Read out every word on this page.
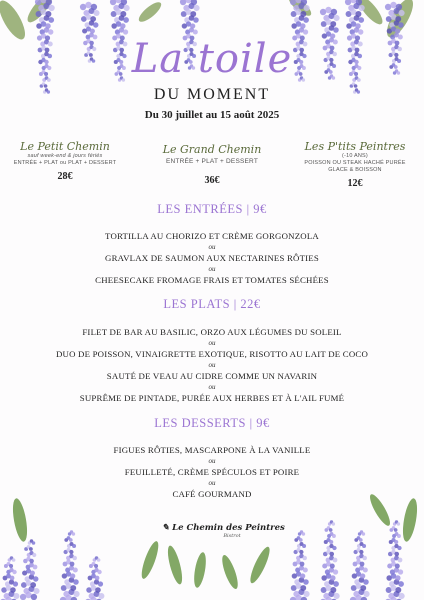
La toile
DU MOMENT
Du 30 juillet au 15 août 2025
Le Petit Chemin
sauf week-end & jours fériés
ENTRÉE + PLAT ou PLAT + DESSERT
28€
Le Grand Chemin
ENTRÉE + PLAT + DESSERT
36€
Les P'tits Peintres
(-10 ANS)
POISSON OU STEAK HACHÉ PURÉE
GLACE & BOISSON
12€
LES ENTRÉES | 9€
TORTILLA AU CHORIZO ET CRÈME GORGONZOLA
ou
GRAVLAX DE SAUMON AUX NECTARINES RÔTIES
ou
CHEESECAKE FROMAGE FRAIS ET TOMATES SÉCHÉES
LES PLATS | 22€
FILET DE BAR AU BASILIC, ORZO AUX LÉGUMES DU SOLEIL
ou
DUO DE POISSON, VINAIGRETTE EXOTIQUE, RISOTTO AU LAIT DE COCO
ou
SAUTÉ DE VEAU AU CIDRE COMME UN NAVARIN
ou
SUPRÊME DE PINTADE, PURÉE AUX HERBES ET À L'AIL FUMÉ
LES DESSERTS | 9€
FIGUES RÔTIES, MASCARPONE À LA VANILLE
ou
FEUILLETÉ, CRÈME SPÉCULOS ET POIRE
ou
CAFÉ GOURMAND
✎ Le Chemin des Peintres
Bistrot
